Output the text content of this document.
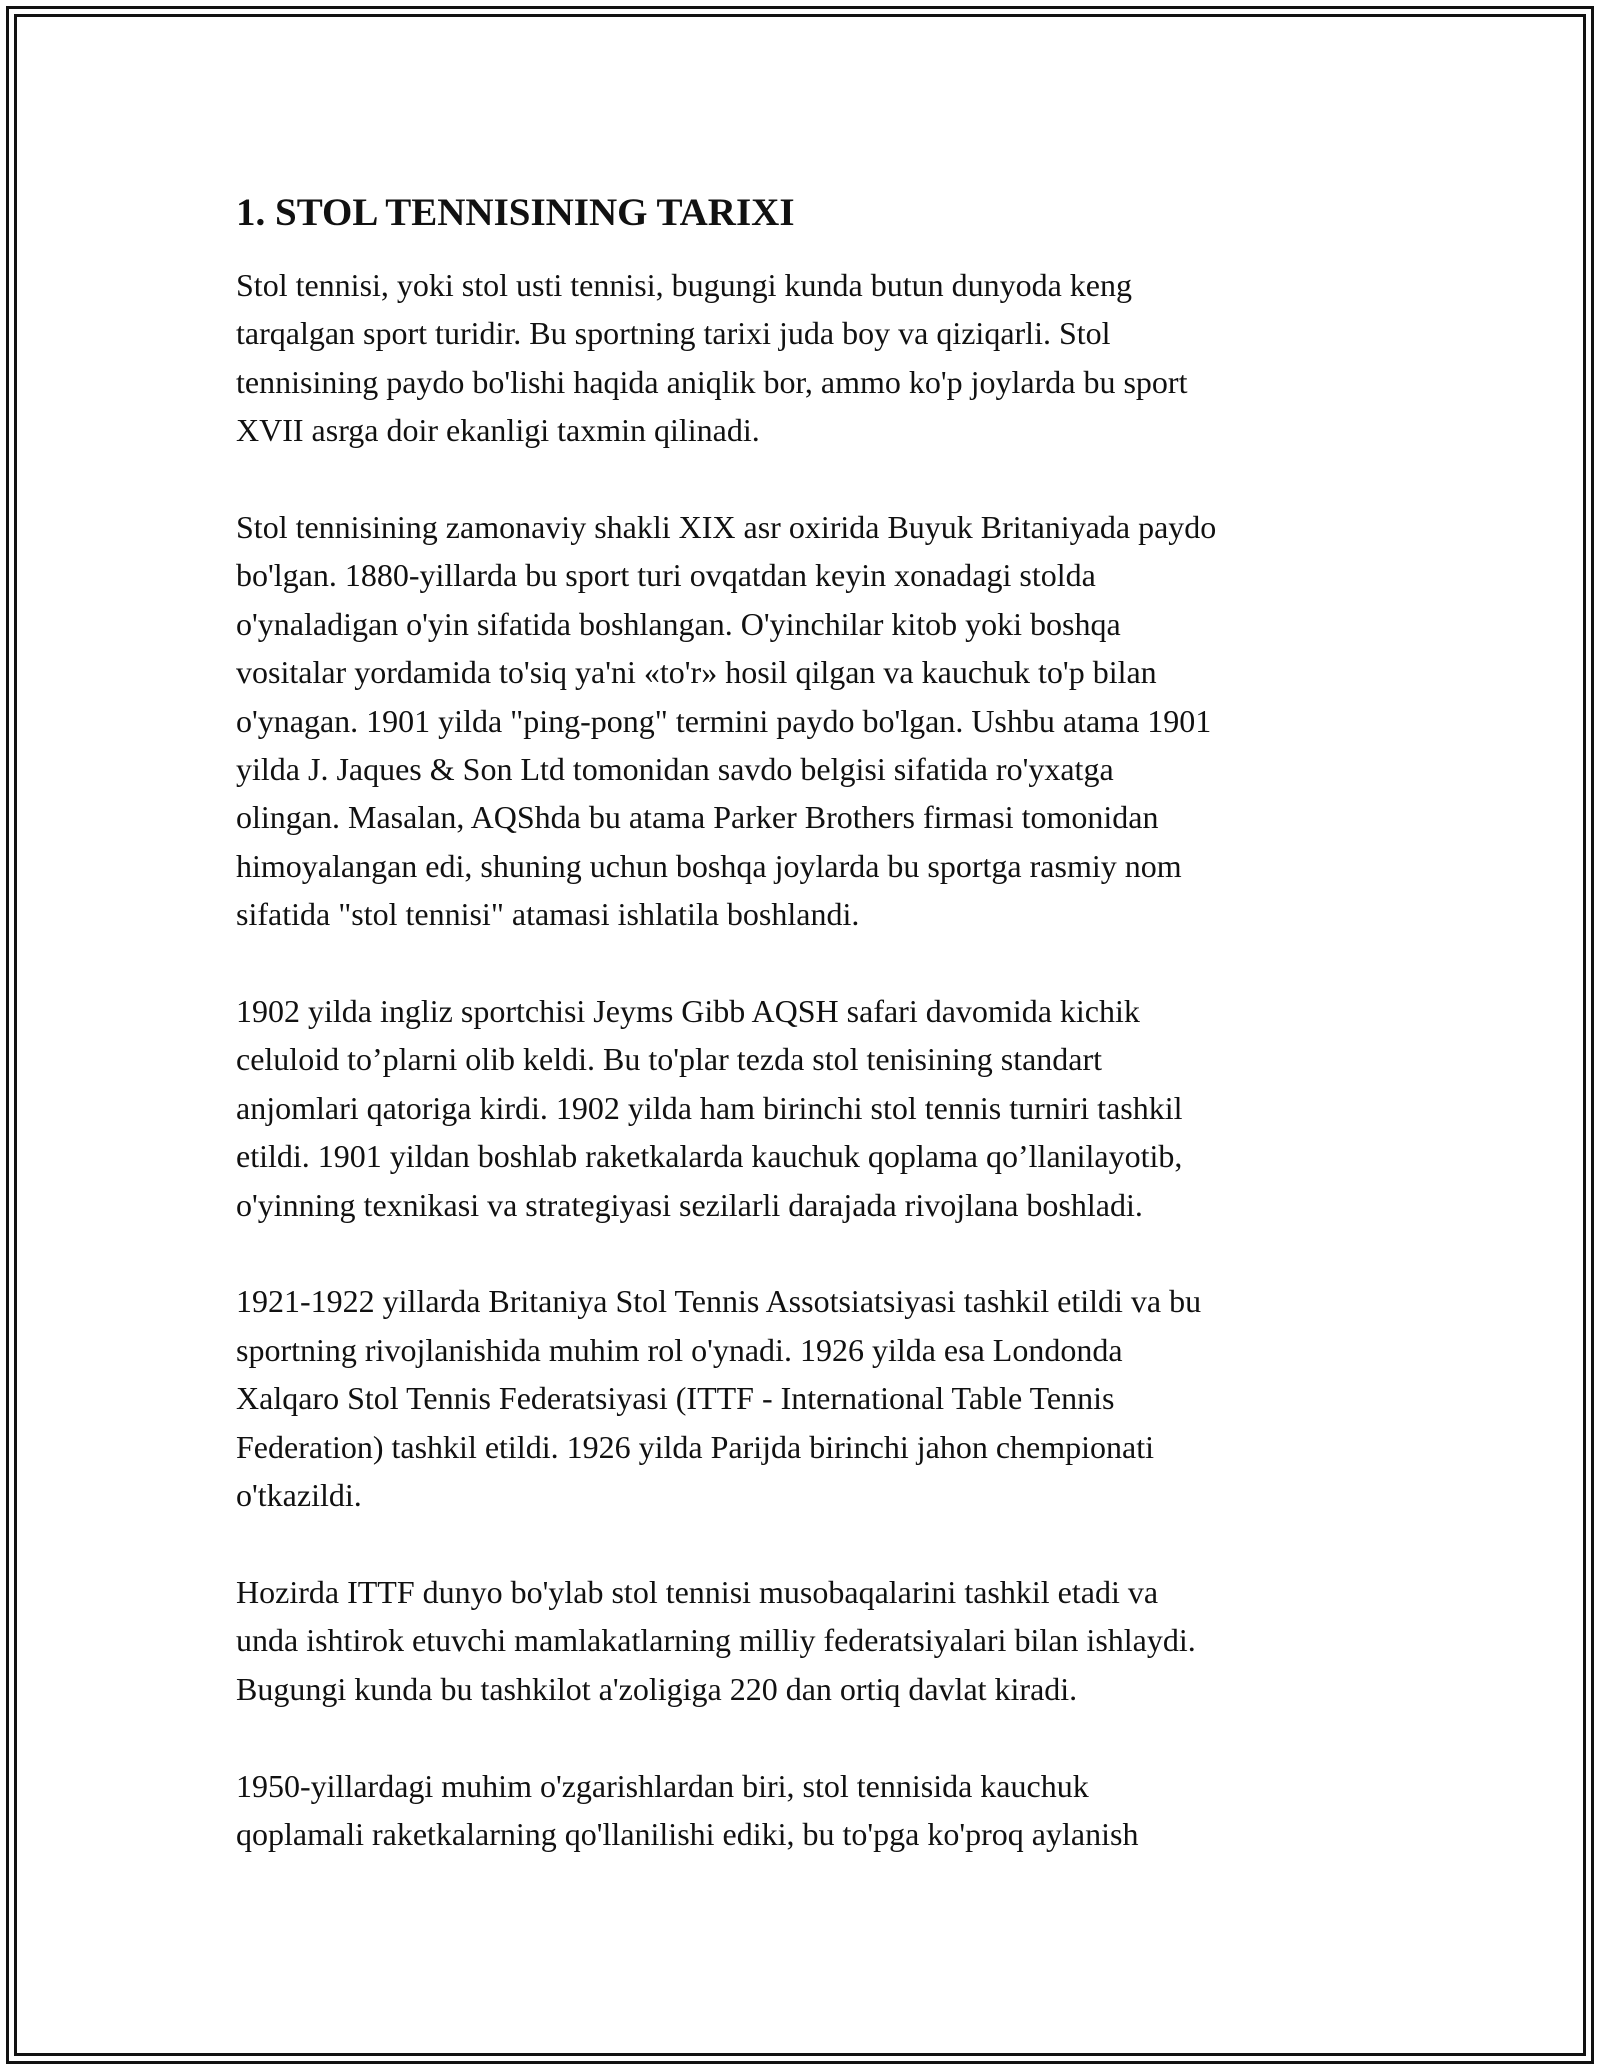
1. STOL TENNISINING TARIXI

Stol tennisi, yoki stol usti tennisi, bugungi kunda butun dunyoda keng
tarqalgan sport turidir. Bu sportning tarixi juda boy va qiziqarli. Stol
tennisining paydo bo'lishi haqida aniqlik bor, ammo ko'p joylarda bu sport
XVII asrga doir ekanligi taxmin qilinadi.

Stol tennisining zamonaviy shakli XIX asr oxirida Buyuk Britaniyada paydo
bo'lgan. 1880-yillarda bu sport turi ovqatdan keyin xonadagi stolda
o'ynaladigan o'yin sifatida boshlangan. O'yinchilar kitob yoki boshqa
vositalar yordamida to'siq ya'ni «to'r» hosil qilgan va kauchuk to'p bilan
o'ynagan. 1901 yilda "ping-pong" termini paydo bo'lgan. Ushbu atama 1901
yilda J. Jaques & Son Ltd tomonidan savdo belgisi sifatida ro'yxatga
olingan. Masalan, AQShda bu atama Parker Brothers firmasi tomonidan
himoyalangan edi, shuning uchun boshqa joylarda bu sportga rasmiy nom
sifatida "stol tennisi" atamasi ishlatila boshlandi.

1902 yilda ingliz sportchisi Jeyms Gibb AQSH safari davomida kichik
celuloid to’plarni olib keldi. Bu to'plar tezda stol tenisining standart
anjomlari qatoriga kirdi. 1902 yilda ham birinchi stol tennis turniri tashkil
etildi. 1901 yildan boshlab raketkalarda kauchuk qoplama qo’llanilayotib,
o'yinning texnikasi va strategiyasi sezilarli darajada rivojlana boshladi.

1921-1922 yillarda Britaniya Stol Tennis Assotsiatsiyasi tashkil etildi va bu
sportning rivojlanishida muhim rol o'ynadi. 1926 yilda esa Londonda
Xalqaro Stol Tennis Federatsiyasi (ITTF - International Table Tennis
Federation) tashkil etildi. 1926 yilda Parijda birinchi jahon chempionati
o'tkazildi.

Hozirda ITTF dunyo bo'ylab stol tennisi musobaqalarini tashkil etadi va
unda ishtirok etuvchi mamlakatlarning milliy federatsiyalari bilan ishlaydi.
Bugungi kunda bu tashkilot a'zoligiga 220 dan ortiq davlat kiradi.

1950-yillardagi muhim o'zgarishlardan biri, stol tennisida kauchuk
qoplamali raketkalarning qo'llanilishi ediki, bu to'pga ko'proq aylanish
